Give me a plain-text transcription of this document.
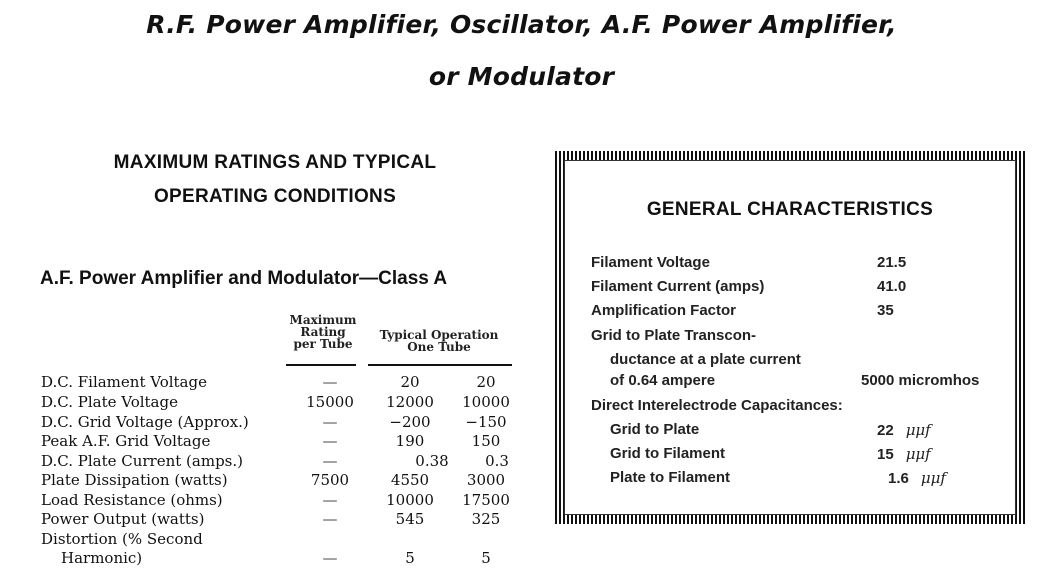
R.F. Power Amplifier, Oscillator, A.F. Power Amplifier,
or Modulator
MAXIMUM RATINGS AND TYPICAL
OPERATING CONDITIONS
A.F. Power Amplifier and Modulator—Class A
Maximum
Rating
per Tube
Typical Operation
One Tube
D.C. Filament Voltage	—	20	20
D.C. Plate Voltage	15000	12000	10000
D.C. Grid Voltage (Approx.)	—	−200	−150
Peak A.F. Grid Voltage	—	190	150
D.C. Plate Current (amps.)	—	0.38	0.3
Plate Dissipation (watts)	7500	4550	3000
Load Resistance (ohms)	—	10000	17500
Power Output (watts)	—	545	325
Distortion (% Second
Harmonic)	—	5	5
GENERAL CHARACTERISTICS
Filament Voltage	21.5
Filament Current (amps)	41.0
Amplification Factor	35
Grid to Plate Transcon-
ductance at a plate current
of 0.64 ampere	5000 micromhos
Direct Interelectrode Capacitances:
Grid to Plate	22 μμf
Grid to Filament	15 μμf
Plate to Filament	1.6 μμf
